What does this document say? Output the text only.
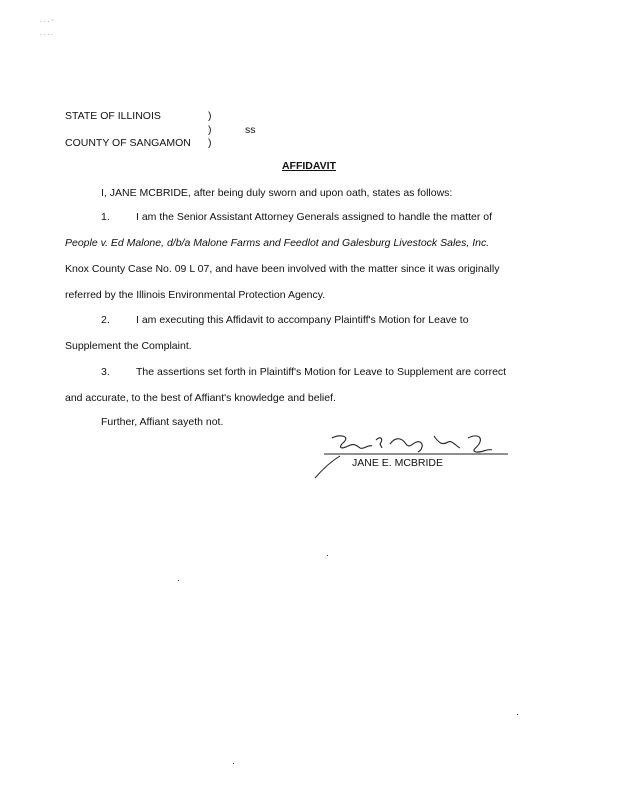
· · · ⁻
· · · ·
STATE OF ILLINOIS	)
)	ss
COUNTY OF SANGAMON )
AFFIDAVIT
I, JANE MCBRIDE, after being duly sworn and upon oath, states as follows:
1. I am the Senior Assistant Attorney Generals assigned to handle the matter of
People v. Ed Malone, d/b/a Malone Farms and Feedlot and Galesburg Livestock Sales, Inc.
Knox County Case No. 09 L 07, and have been involved with the matter since it was originally
referred by the Illinois Environmental Protection Agency.
2. I am executing this Affidavit to accompany Plaintiff's Motion for Leave to
Supplement the Complaint.
3. The assertions set forth in Plaintiff's Motion for Leave to Supplement are correct
and accurate, to the best of Affiant's knowledge and belief.
Further, Affiant sayeth not.
JANE E. MCBRIDE
